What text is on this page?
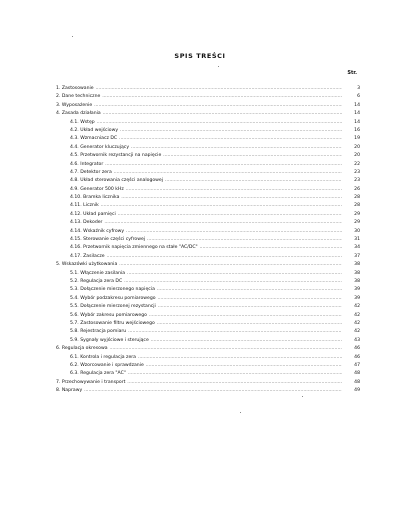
SPIS TREŚCI
Str.
1. Zastosowanie .....	3
2. Dane techniczne .....	6
3. Wyposażenie .....	14
4. Zasada działania .....	14
4.1. Wstęp .....	14
4.2. Układ wejściowy .....	16
4.3. Wzmacniacz DC .....	19
4.4. Generator kluczujący .....	20
4.5. Przetwornik rezystancji na napięcie .....	20
4.6. Integrator .....	22
4.7. Detektor zera .....	23
4.8. Układ sterowania części analogowej .....	23
4.9. Generator 500 kHz .....	26
4.10. Bramka licznika .....	28
4.11. Licznik .....	28
4.12. Układ pamięci .....	29
4.13. Dekoder .....	29
4.14. Wskaźnik cyfrowy .....	30
4.15. Sterowanie części cyfrowej .....	31
4.16. Przetwornik napięcia zmiennego na stałe "AC/DC" .....	34
4.17. Zasilacze .....	37
5. Wskazówki użytkowania .....	38
5.1. Włączenie zasilania .....	38
5.2. Regulacja zera DC .....	38
5.3. Dołączenie mierzonego napięcia .....	39
5.4. Wybór podzakresu pomiarowego .....	39
5.5. Dołączenie mierzonej rezystancji .....	42
5.6. Wybór zakresu pomiarowego .....	42
5.7. Zastosowanie filtru wejściowego .....	42
5.8. Rejestracja pomiaru .....	42
5.9. Sygnały wyjściowe i sterujące .....	43
6. Regulacja okresowa .....	46
6.1. Kontrola i regulacja zera .....	46
6.2. Wzorcowanie i sprawdzanie .....	47
6.3. Regulacja zera "AC" .....	48
7. Przechowywanie i transport .....	48
8. Naprawy .....	49
